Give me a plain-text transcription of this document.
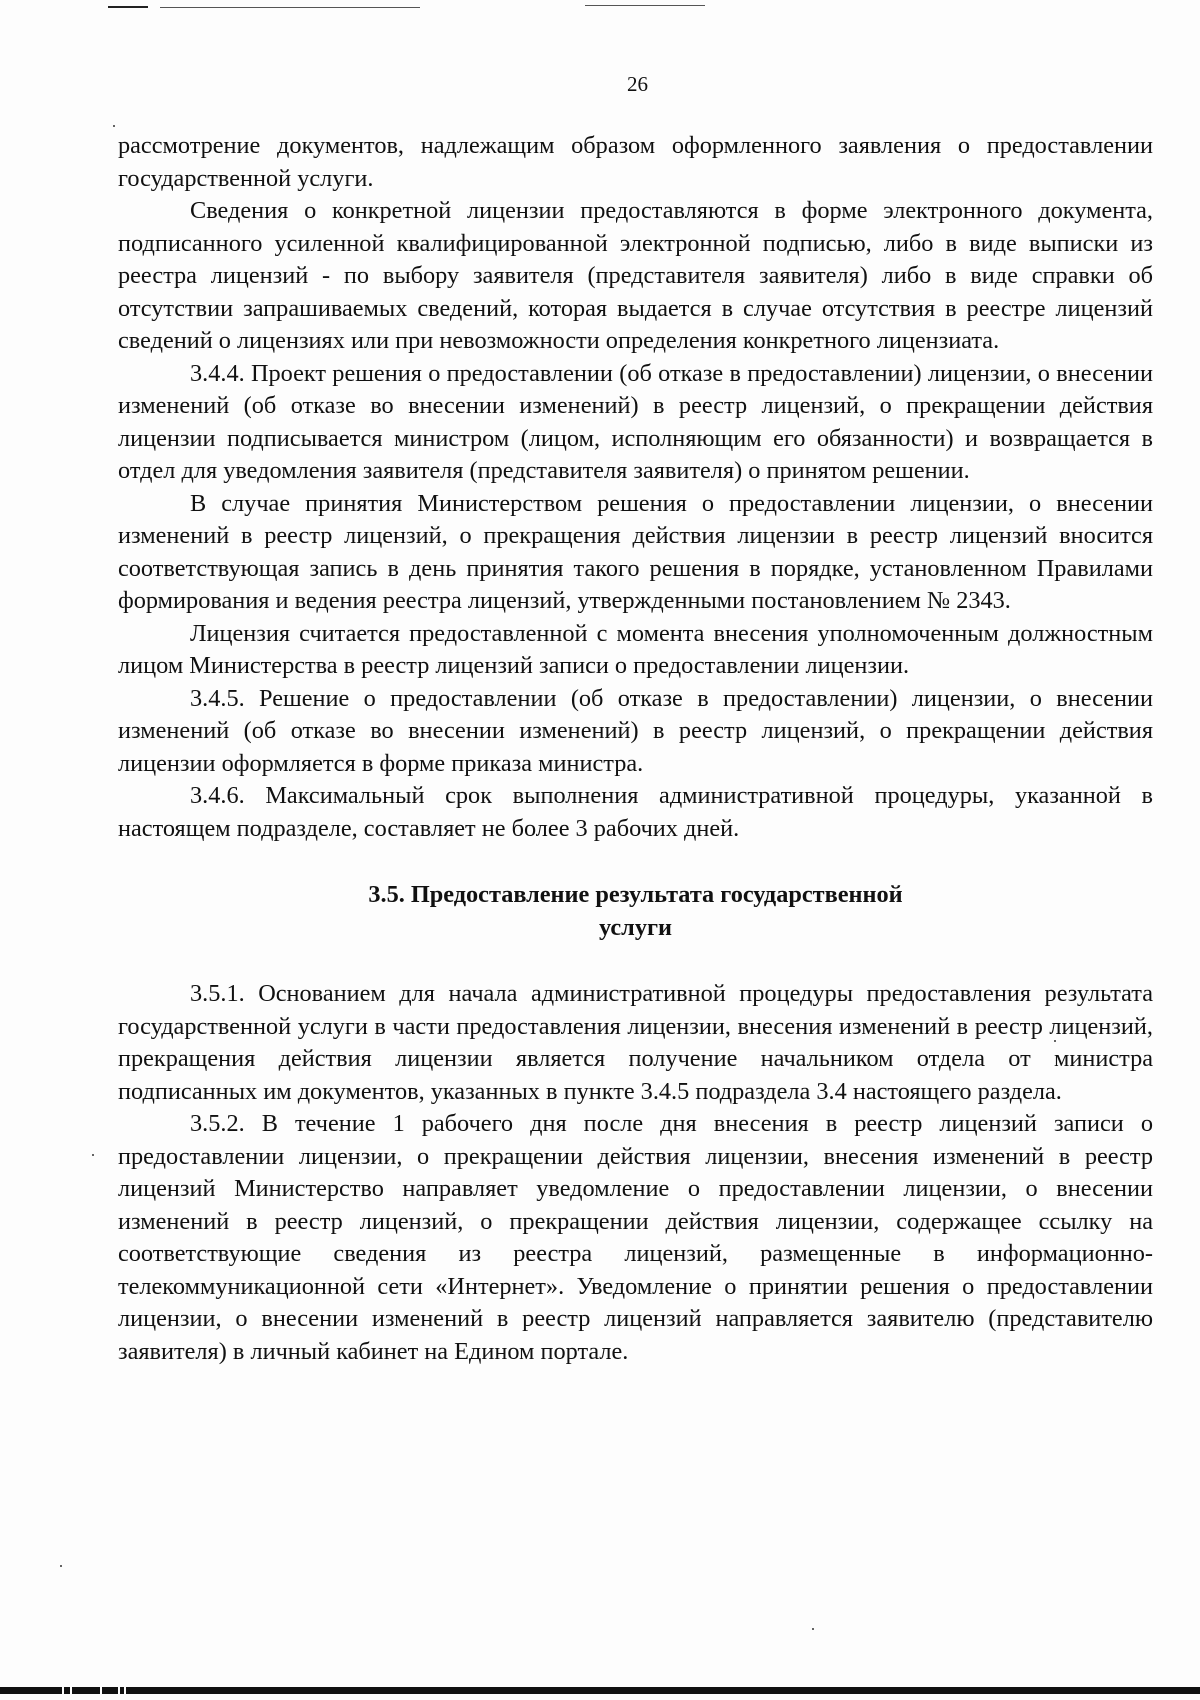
26

рассмотрение документов, надлежащим образом оформленного заявления о предоставлении государственной услуги.

Сведения о конкретной лицензии предоставляются в форме электронного документа, подписанного усиленной квалифицированной электронной подписью, либо в виде выписки из реестра лицензий - по выбору заявителя (представителя заявителя) либо в виде справки об отсутствии запрашиваемых сведений, которая выдается в случае отсутствия в реестре лицензий сведений о лицензиях или при невозможности определения конкретного лицензиата.

3.4.4. Проект решения о предоставлении (об отказе в предоставлении) лицензии, о внесении изменений (об отказе во внесении изменений) в реестр лицензий, о прекращении действия лицензии подписывается министром (лицом, исполняющим его обязанности) и возвращается в отдел для уведомления заявителя (представителя заявителя) о принятом решении.

В случае принятия Министерством решения о предоставлении лицензии, о внесении изменений в реестр лицензий, о прекращения действия лицензии в реестр лицензий вносится соответствующая запись в день принятия такого решения в порядке, установленном Правилами формирования и ведения реестра лицензий, утвержденными постановлением № 2343.

Лицензия считается предоставленной с момента внесения уполномоченным должностным лицом Министерства в реестр лицензий записи о предоставлении лицензии.

3.4.5. Решение о предоставлении (об отказе в предоставлении) лицензии, о внесении изменений (об отказе во внесении изменений) в реестр лицензий, о прекращении действия лицензии оформляется в форме приказа министра.

3.4.6. Максимальный срок выполнения административной процедуры, указанной в настоящем подразделе, составляет не более 3 рабочих дней.

3.5. Предоставление результата государственной
услуги

3.5.1. Основанием для начала административной процедуры предоставления результата государственной услуги в части предоставления лицензии, внесения изменений в реестр лицензий, прекращения действия лицензии является получение начальником отдела от министра подписанных им документов, указанных в пункте 3.4.5 подраздела 3.4 настоящего раздела.

3.5.2. В течение 1 рабочего дня после дня внесения в реестр лицензий записи о предоставлении лицензии, о прекращении действия лицензии, внесения изменений в реестр лицензий Министерство направляет уведомление о предоставлении лицензии, о внесении изменений в реестр лицензий, о прекращении действия лицензии, содержащее ссылку на соответствующие сведения из реестра лицензий, размещенные в информационно-телекоммуникационной сети «Интернет». Уведомление о принятии решения о предоставлении лицензии, о внесении изменений в реестр лицензий направляется заявителю (представителю заявителя) в личный кабинет на Едином портале.
